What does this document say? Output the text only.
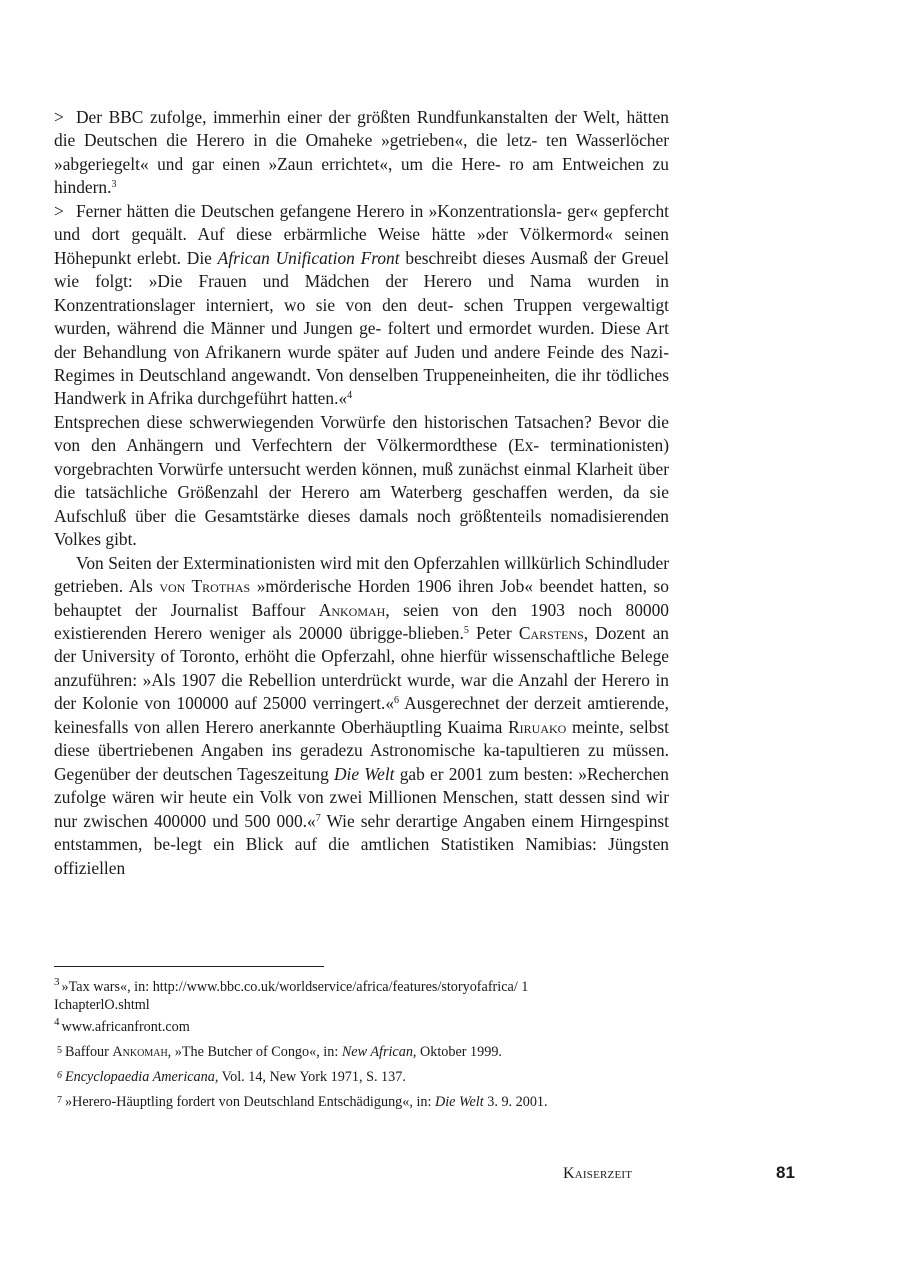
> Der BBC zufolge, immerhin einer der größten Rundfunkanstalten der Welt, hätten die Deutschen die Herero in die Omaheke »getrieben«, die letz- ten Wasserlöcher »abgeriegelt« und gar einen »Zaun errichtet«, um die Here- ro am Entweichen zu hindern.$^3$

> Ferner hätten die Deutschen gefangene Herero in »Konzentrationsla- ger« gepfercht und dort gequält. Auf diese erbärmliche Weise hätte »der Völkermord« seinen Höhepunkt erlebt. Die African Unification Front beschreibt dieses Ausmaß der Greuel wie folgt: »Die Frauen und Mädchen der Herero und Nama wurden in Konzentrationslager interniert, wo sie von den deut- schen Truppen vergewaltigt wurden, während die Männer und Jungen ge- foltert und ermordet wurden. Diese Art der Behandlung von Afrikanern wurde später auf Juden und andere Feinde des Nazi-Regimes in Deutschland angewandt. Von denselben Truppeneinheiten, die ihr tödliches Handwerk in Afrika durchgeführt hatten.«$^4$

Entsprechen diese schwerwiegenden Vorwürfe den historischen Tatsachen? Bevor die von den Anhängern und Verfechtern der Völkermordthese (Ex- terminationisten) vorgebrachten Vorwürfe untersucht werden können, muß zunächst einmal Klarheit über die tatsächliche Größenzahl der Herero am Waterberg geschaffen werden, da sie Aufschluß über die Gesamtstärke dieses damals noch größtenteils nomadisierenden Volkes gibt.

Von Seiten der Exterminationisten wird mit den Opferzahlen willkürlich Schindluder getrieben. Als von Trothas »mörderische Horden 1906 ihren Job« beendet hatten, so behauptet der Journalist Baffour Ankomah, seien von den 1903 noch 80000 existierenden Herero weniger als 20000 übrigge-blieben.$^5$ Peter Carstens, Dozent an der University of Toronto, erhöht die Opferzahl, ohne hierfür wissenschaftliche Belege anzuführen: »Als 1907 die Rebellion unterdrückt wurde, war die Anzahl der Herero in der Kolonie von 100000 auf 25000 verringert.«$^6$ Ausgerechnet der derzeit amtierende, keinesfalls von allen Herero anerkannte Oberhäuptling Kuaima Riruako meinte, selbst diese übertriebenen Angaben ins geradezu Astronomische ka-tapultieren zu müssen. Gegenüber der deutschen Tageszeitung Die Welt gab er 2001 zum besten: »Recherchen zufolge wären wir heute ein Volk von zwei Millionen Menschen, statt dessen sind wir nur zwischen 400000 und 500 000.«$^7$ Wie sehr derartige Angaben einem Hirngespinst entstammen, be-legt ein Blick auf die amtlichen Statistiken Namibias: Jüngsten offiziellen

$^3$ »Tax wars«, in: http://www.bbc.co.uk/worldservice/africa/features/storyofafrica/ 1
IchapterlO.shtml

$^4$ www.africanfront.com

$^5$ Baffour Ankomah, »The Butcher of Congo«, in: New African, Oktober 1999.

$^6$ Encyclopaedia Americana, Vol. 14, New York 1971, S. 137.

$^7$ »Herero-Häuptling fordert von Deutschland Entschädigung«, in: Die Welt 3. 9. 2001.

Kaiserzeit	81
